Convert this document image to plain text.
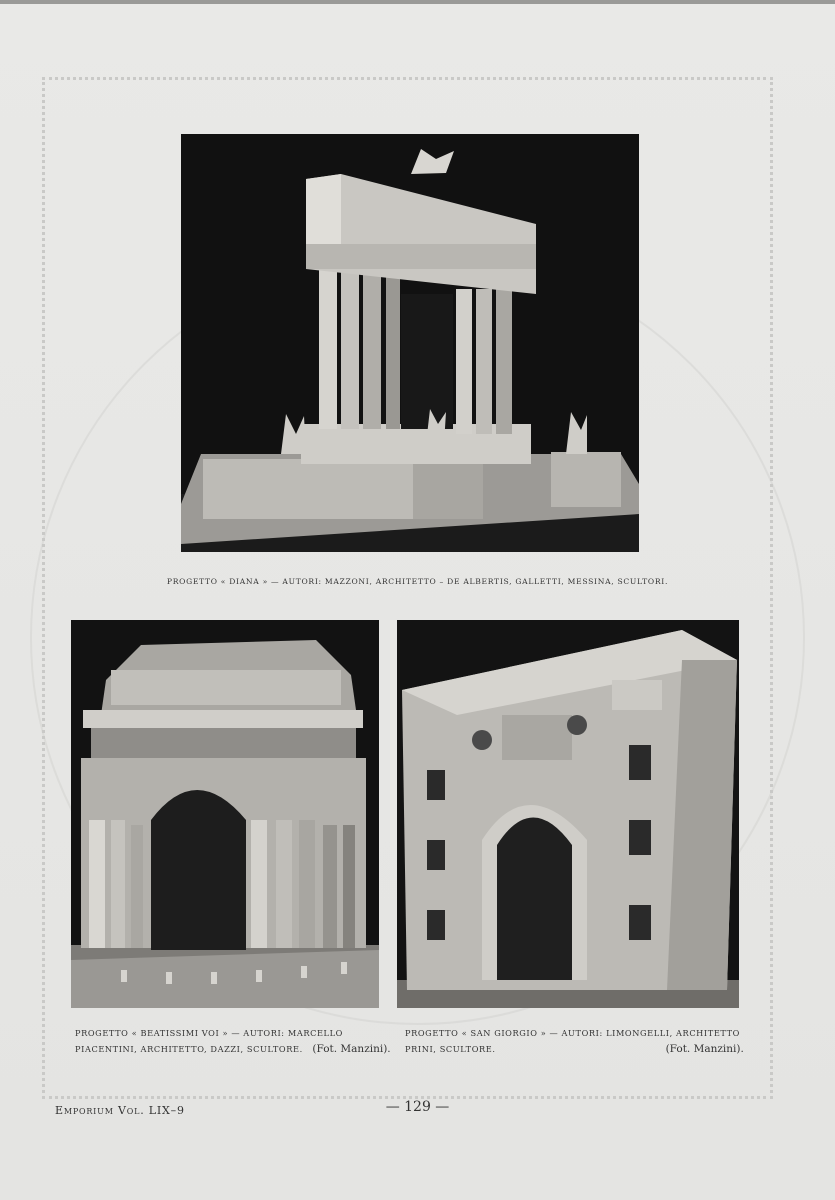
PROGETTO « DIANA » — AUTORI: MAZZONI, ARCHITETTO – DE ALBERTIS, GALLETTI, MESSINA, SCULTORI.
PROGETTO « BEATISSIMI VOI » — AUTORI: MARCELLO
PIACENTINI, ARCHITETTO, DAZZI, SCULTORE. (Fot. Manzini).
PROGETTO « SAN GIORGIO » — AUTORI: LIMONGELLI, ARCHITETTO
PRINI, SCULTORE.	(Fot. Manzini).
Emporium Vol. LIX–9	— 129 —
